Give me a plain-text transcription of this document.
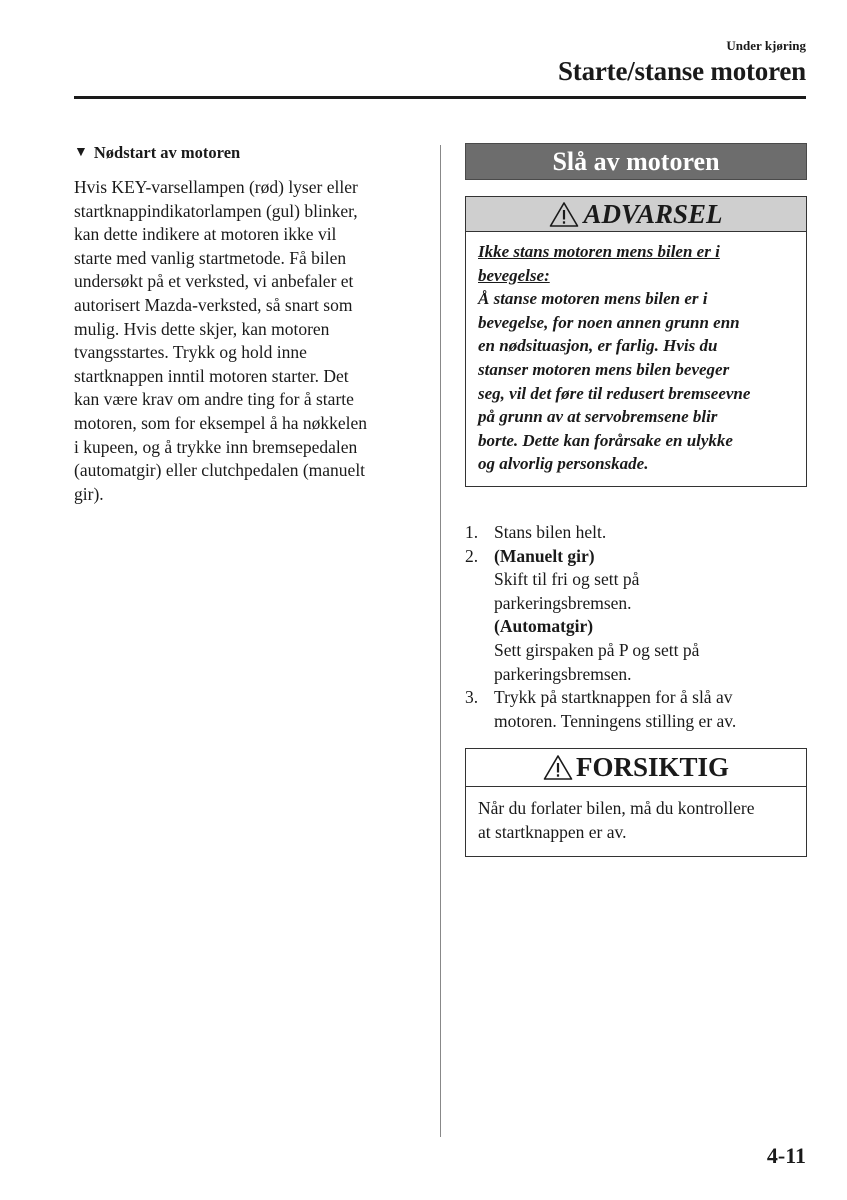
Under kjøring
Starte/stanse motoren
▼ Nødstart av motoren
Hvis KEY-varsellampen (rød) lyser eller
startknappindikatorlampen (gul) blinker,
kan dette indikere at motoren ikke vil
starte med vanlig startmetode. Få bilen
undersøkt på et verksted, vi anbefaler et
autorisert Mazda-verksted, så snart som
mulig. Hvis dette skjer, kan motoren
tvangsstartes. Trykk og hold inne
startknappen inntil motoren starter. Det
kan være krav om andre ting for å starte
motoren, som for eksempel å ha nøkkelen
i kupeen, og å trykke inn bremsepedalen
(automatgir) eller clutchpedalen (manuelt
gir).
Slå av motoren
ADVARSEL
Ikke stans motoren mens bilen er i
bevegelse:
Å stanse motoren mens bilen er i
bevegelse, for noen annen grunn enn
en nødsituasjon, er farlig. Hvis du
stanser motoren mens bilen beveger
seg, vil det føre til redusert bremseevne
på grunn av at servobremsene blir
borte. Dette kan forårsake en ulykke
og alvorlig personskade.
1. Stans bilen helt.
2. (Manuelt gir)
Skift til fri og sett på
parkeringsbremsen.
(Automatgir)
Sett girspaken på P og sett på
parkeringsbremsen.
3. Trykk på startknappen for å slå av
motoren. Tenningens stilling er av.
FORSIKTIG
Når du forlater bilen, må du kontrollere
at startknappen er av.
4-11
